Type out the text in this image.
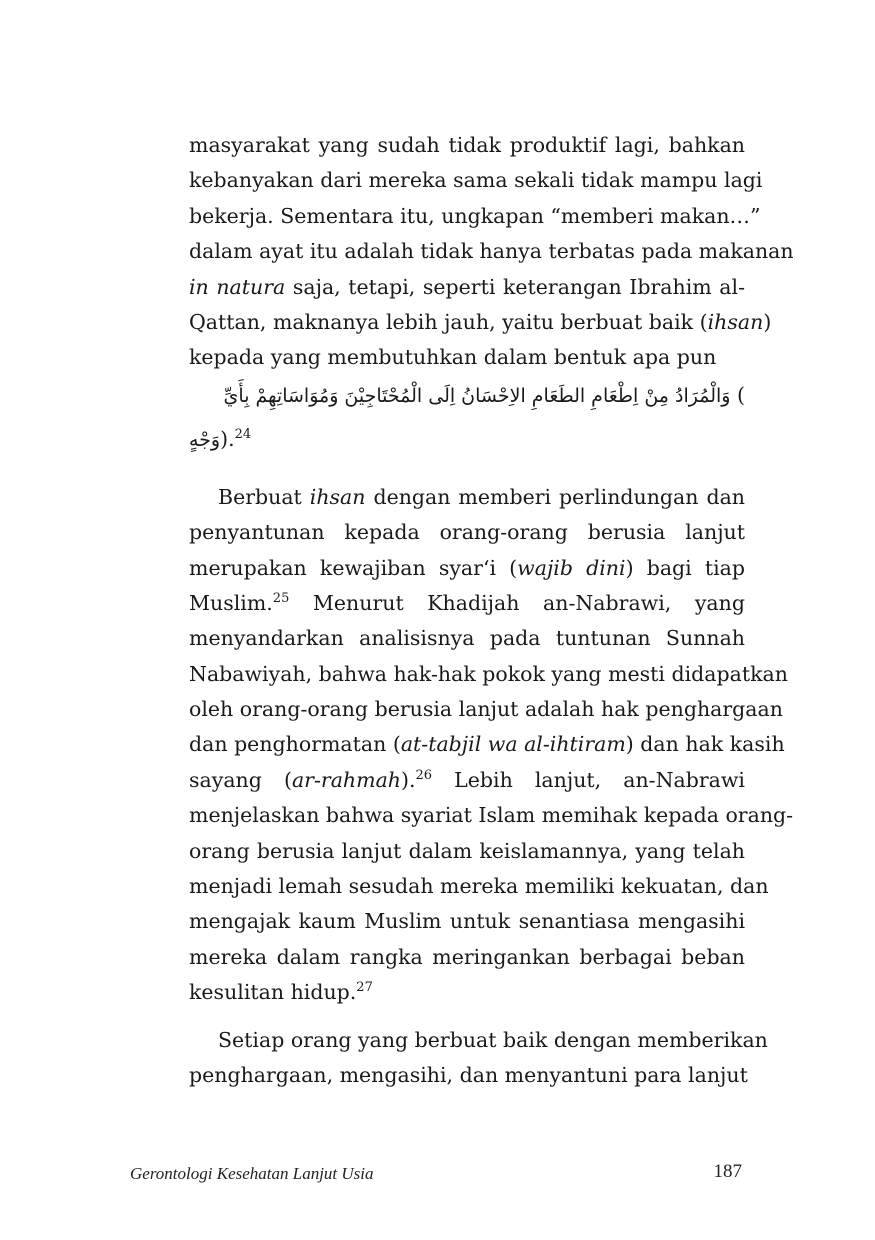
masyarakat yang sudah tidak produktif lagi, bahkan
kebanyakan dari mereka sama sekali tidak mampu lagi
bekerja. Sementara itu, ungkapan “memberi makan…”
dalam ayat itu adalah tidak hanya terbatas pada makanan
in natura saja, tetapi, seperti keterangan Ibrahim al-
Qattan, maknanya lebih jauh, yaitu berbuat baik (ihsan)
kepada yang membutuhkan dalam bentuk apa pun
وَالْمُرَادُ مِنْ اِطْعَامِ الطَعَامِ الاِحْسَانُ اِلَى الْمُحْتَاجِيْنَ وَمُوَاسَاتِهِمْ بِأَيِّ (
وَجْهٍ).$^{24}$
Berbuat ihsan dengan memberi perlindungan dan
penyantunan kepada orang-orang berusia lanjut
merupakan kewajiban syar‘i (wajib dini) bagi tiap
Muslim.$^{25}$ Menurut Khadijah an-Nabrawi, yang
menyandarkan analisisnya pada tuntunan Sunnah
Nabawiyah, bahwa hak-hak pokok yang mesti didapatkan
oleh orang-orang berusia lanjut adalah hak penghargaan
dan penghormatan (at-tabjil wa al-ihtiram) dan hak kasih
sayang (ar-rahmah).$^{26}$ Lebih lanjut, an-Nabrawi
menjelaskan bahwa syariat Islam memihak kepada orang-
orang berusia lanjut dalam keislamannya, yang telah
menjadi lemah sesudah mereka memiliki kekuatan, dan
mengajak kaum Muslim untuk senantiasa mengasihi
mereka dalam rangka meringankan berbagai beban
kesulitan hidup.$^{27}$
Setiap orang yang berbuat baik dengan memberikan
penghargaan, mengasihi, dan menyantuni para lanjut
Gerontologi Kesehatan Lanjut Usia	187
